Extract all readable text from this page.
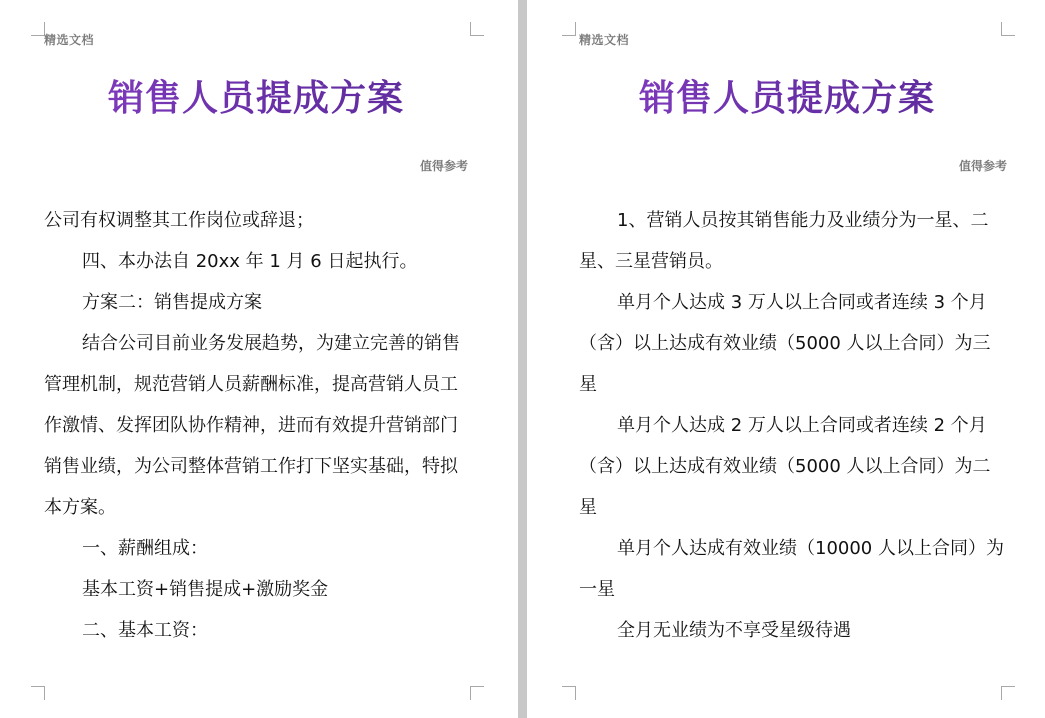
精选文档
销售人员提成方案
值得参考

公司有权调整其工作岗位或辞退；

四、本办法自 20xx 年 1 月 6 日起执行。

方案二：销售提成方案

结合公司目前业务发展趋势，为建立完善的销售管理机制，规范营销人员薪酬标准，提高营销人员工作激情、发挥团队协作精神，进而有效提升营销部门销售业绩，为公司整体营销工作打下坚实基础，特拟本方案。

一、薪酬组成：

基本工资+销售提成+激励奖金

二、基本工资：

精选文档
销售人员提成方案
值得参考

1、营销人员按其销售能力及业绩分为一星、二星、三星营销员。

单月个人达成 3 万人以上合同或者连续 3 个月（含）以上达成有效业绩（5000 人以上合同）为三星

单月个人达成 2 万人以上合同或者连续 2 个月（含）以上达成有效业绩（5000 人以上合同）为二星

单月个人达成有效业绩（10000 人以上合同）为一星

全月无业绩为不享受星级待遇
